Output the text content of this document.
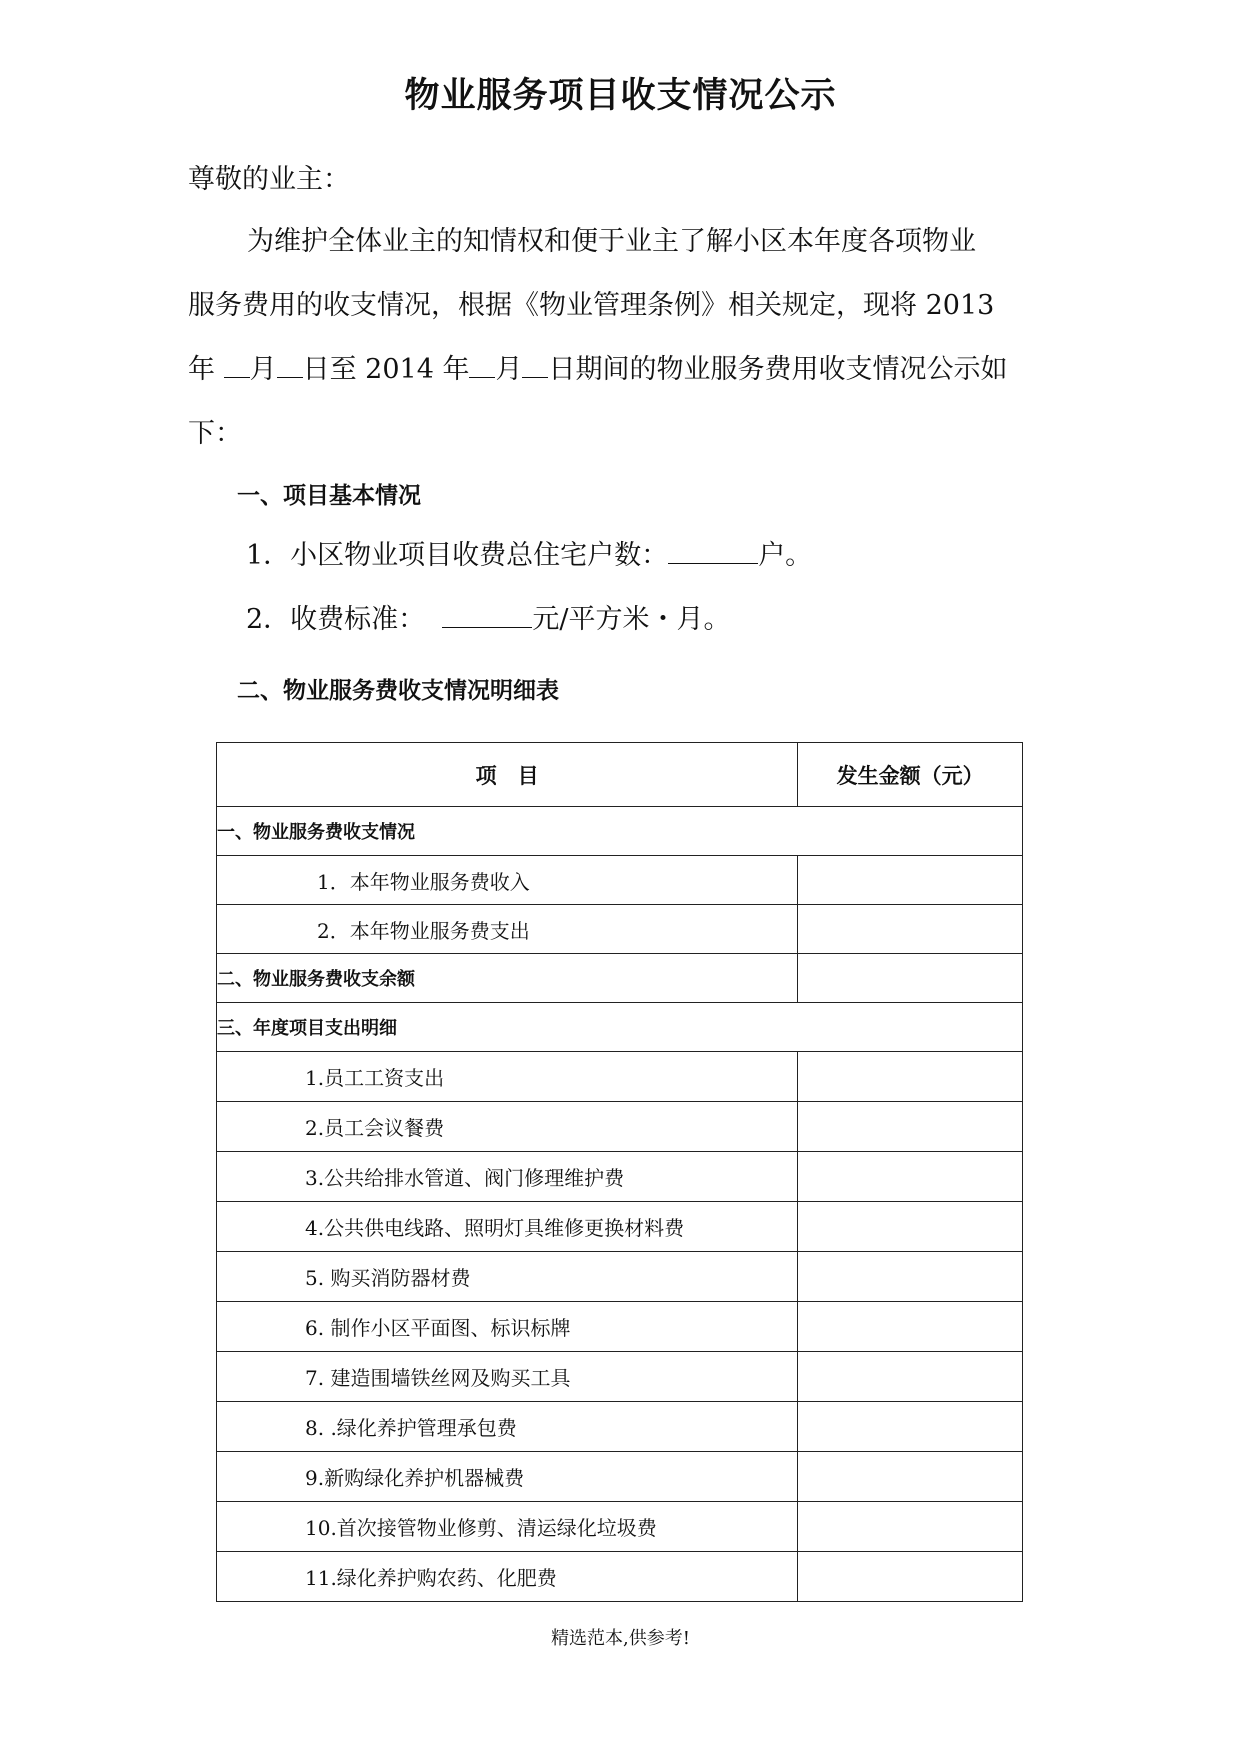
物业服务项目收支情况公示
尊敬的业主：
为维护全体业主的知情权和便于业主了解小区本年度各项物业
服务费用的收支情况，根据《物业管理条例》相关规定，现将 2013
年 月 日至 2014 年 月 日期间的物业服务费用收支情况公示如
下：
一、项目基本情况
1．小区物业项目收费总住宅户数：	户。
2．收费标准：	元/平方米・月。
二、物业服务费收支情况明细表
项　目	发生金额（元）
一、物业服务费收支情况	
1．本年物业服务费收入	
2．本年物业服务费支出	
二、物业服务费收支余额	
三、年度项目支出明细	
1.员工工资支出	
2.员工会议餐费	
3.公共给排水管道、阀门修理维护费	
4.公共供电线路、照明灯具维修更换材料费	
5. 购买消防器材费	
6. 制作小区平面图、标识标牌	
7. 建造围墙铁丝网及购买工具	
8. .绿化养护管理承包费	
9.新购绿化养护机器械费	
10.首次接管物业修剪、清运绿化垃圾费	
11.绿化养护购农药、化肥费	
精选范本,供参考!
